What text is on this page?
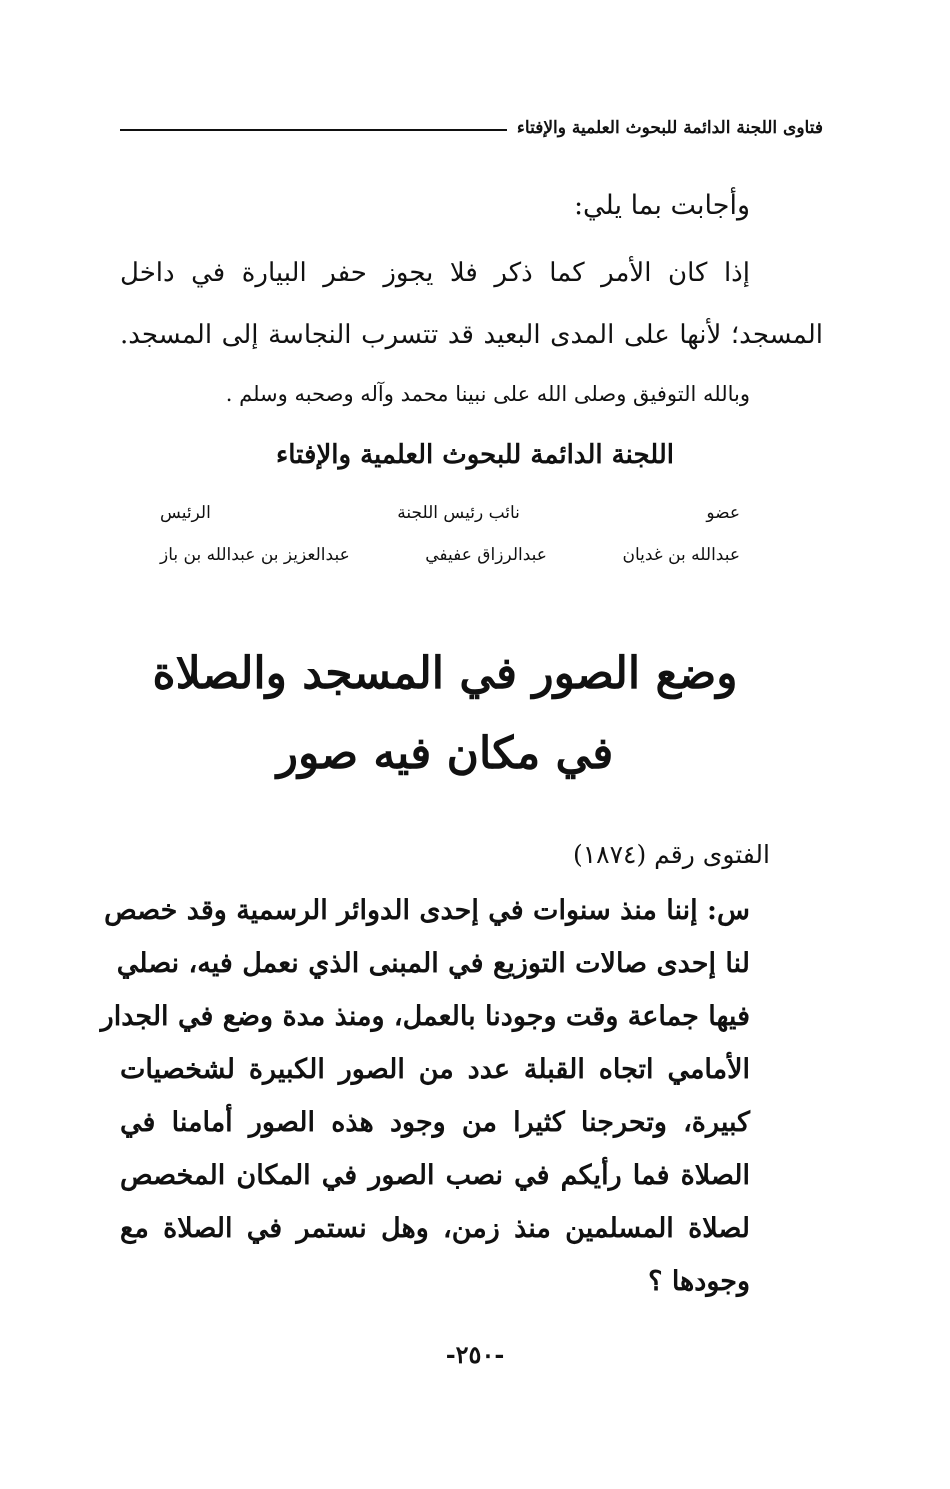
فتاوى اللجنة الدائمة للبحوث العلمية والإفتاء
وأجابت بما يلي:
إذا كان الأمر كما ذكر فلا يجوز حفر البيارة في داخل
المسجد؛ لأنها على المدى البعيد قد تتسرب النجاسة إلى المسجد.
وبالله التوفيق وصلى الله على نبينا محمد وآله وصحبه وسلم .
اللجنة الدائمة للبحوث العلمية والإفتاء
عضو
نائب رئيس اللجنة
الرئيس
عبدالله بن غديان
عبدالرزاق عفيفي
عبدالعزيز بن عبدالله بن باز
وضع الصور في المسجد والصلاة
في مكان فيه صور
الفتوى رقم (١٨٧٤)
س: إننا منذ سنوات في إحدى الدوائر الرسمية وقد خصص
لنا إحدى صالات التوزيع في المبنى الذي نعمل فيه، نصلي
فيها جماعة وقت وجودنا بالعمل، ومنذ مدة وضع في الجدار
الأمامي اتجاه القبلة عدد من الصور الكبيرة لشخصيات
كبيرة، وتحرجنا كثيرا من وجود هذه الصور أمامنا في
الصلاة فما رأيكم في نصب الصور في المكان المخصص
لصلاة المسلمين منذ زمن، وهل نستمر في الصلاة مع
وجودها ؟
-٢٥٠-
